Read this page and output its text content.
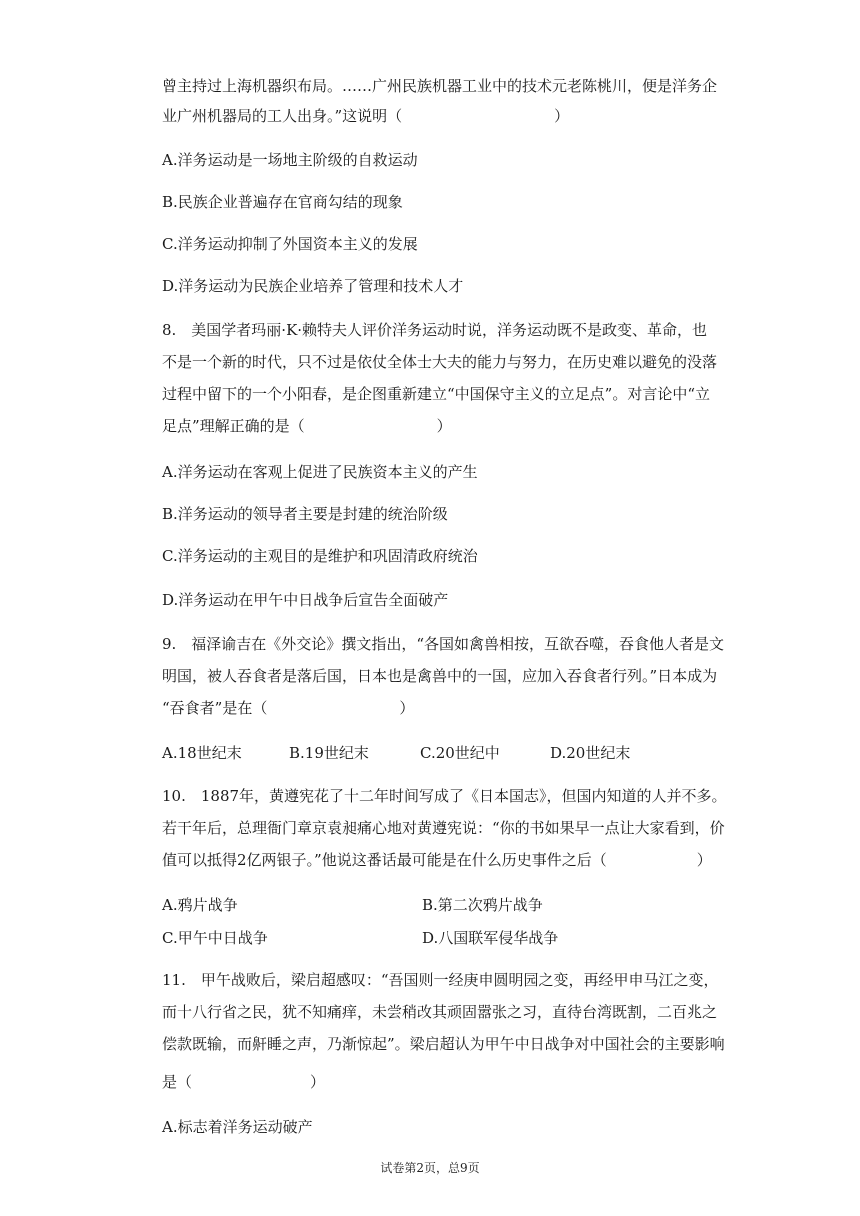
曾主持过上海机器织布局。……广州民族机器工业中的技术元老陈桃川，便是洋务企
业广州机器局的工人出身。”这说明（	）
A.洋务运动是一场地主阶级的自救运动
B.民族企业普遍存在官商勾结的现象
C.洋务运动抑制了外国资本主义的发展
D.洋务运动为民族企业培养了管理和技术人才
8.　美国学者玛丽·K·赖特夫人评价洋务运动时说，洋务运动既不是政变、革命，也
不是一个新的时代，只不过是依仗全体士大夫的能力与努力，在历史难以避免的没落
过程中留下的一个小阳春，是企图重新建立“中国保守主义的立足点”。对言论中“立
足点”理解正确的是（	）
A.洋务运动在客观上促进了民族资本主义的产生
B.洋务运动的领导者主要是封建的统治阶级
C.洋务运动的主观目的是维护和巩固清政府统治
D.洋务运动在甲午中日战争后宣告全面破产
9.　福泽谕吉在《外交论》撰文指出，“各国如禽兽相按，互欲吞噬，吞食他人者是文
明国，被人吞食者是落后国，日本也是禽兽中的一国，应加入吞食者行列。”日本成为
“吞食者”是在（	）
A.18世纪末	B.19世纪末	C.20世纪中	D.20世纪末
10.　1887年，黄遵宪花了十二年时间写成了《日本国志》，但国内知道的人并不多。
若干年后，总理衙门章京袁昶痛心地对黄遵宪说：“你的书如果早一点让大家看到，价
值可以抵得2亿两银子。”他说这番话最可能是在什么历史事件之后（	）
A.鸦片战争	B.第二次鸦片战争
C.甲午中日战争	D.八国联军侵华战争
11.　甲午战败后，梁启超感叹：“吾国则一经庚申圆明园之变，再经甲申马江之变，
而十八行省之民，犹不知痛痒，未尝稍改其顽固嚣张之习，直待台湾既割，二百兆之
偿款既输，而鼾睡之声，乃渐惊起”。梁启超认为甲午中日战争对中国社会的主要影响
是（	）
A.标志着洋务运动破产
试卷第2页，总9页
